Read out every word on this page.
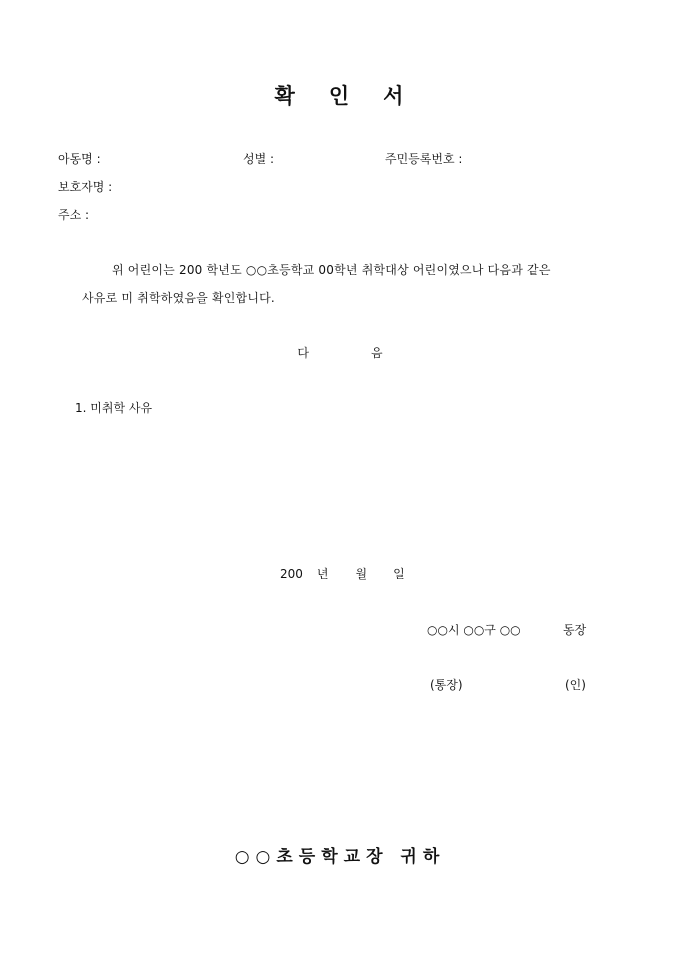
확 인 서
아동명 :	성별 :	주민등록번호 :
보호자명 :
주소 :
위 어린이는 200 학년도 ○○초등학교 00학년 취학대상 어린이였으나 다음과 같은
사유로 미 취학하였음을 확인합니다.
다	음
1. 미취학 사유
200 년 월 일
○○시 ○○구 ○○	동장
(통장)	(인)
○○초등학교장 귀하
